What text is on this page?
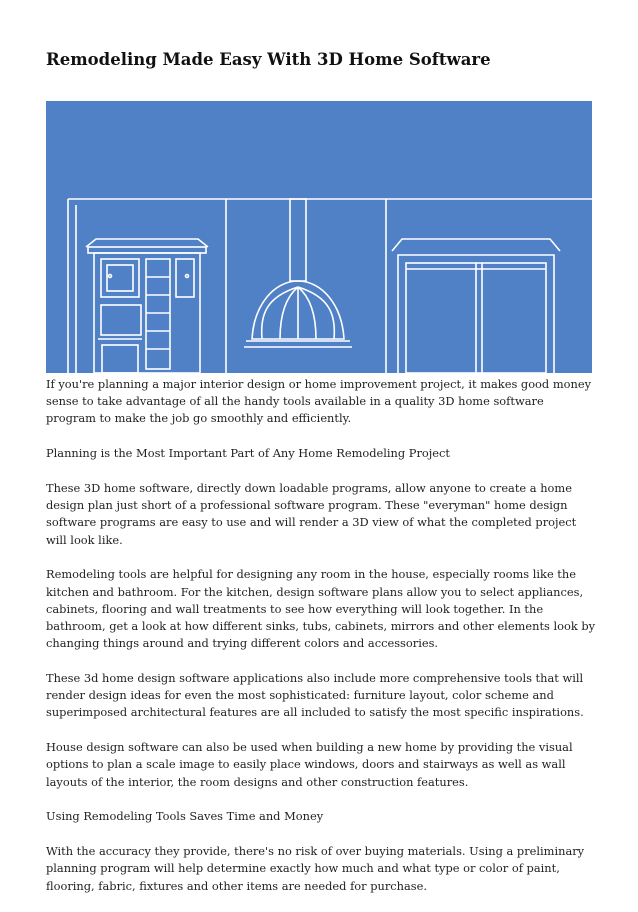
Remodeling Made Easy With 3D Home Software

If you're planning a major interior design or home improvement project, it makes good money sense to take advantage of all the handy tools available in a quality 3D home software program to make the job go smoothly and efficiently.

Planning is the Most Important Part of Any Home Remodeling Project

These 3D home software, directly down loadable programs, allow anyone to create a home design plan just short of a professional software program. These "everyman" home design software programs are easy to use and will render a 3D view of what the completed project will look like.

Remodeling tools are helpful for designing any room in the house, especially rooms like the kitchen and bathroom. For the kitchen, design software plans allow you to select appliances, cabinets, flooring and wall treatments to see how everything will look together. In the bathroom, get a look at how different sinks, tubs, cabinets, mirrors and other elements look by changing things around and trying different colors and accessories.

These 3d home design software applications also include more comprehensive tools that will render design ideas for even the most sophisticated: furniture layout, color scheme and superimposed architectural features are all included to satisfy the most specific inspirations.

House design software can also be used when building a new home by providing the visual options to plan a scale image to easily place windows, doors and stairways as well as wall layouts of the interior, the room designs and other construction features.

Using Remodeling Tools Saves Time and Money

With the accuracy they provide, there's no risk of over buying materials. Using a preliminary planning program will help determine exactly how much and what type or color of paint, flooring, fabric, fixtures and other items are needed for purchase.
